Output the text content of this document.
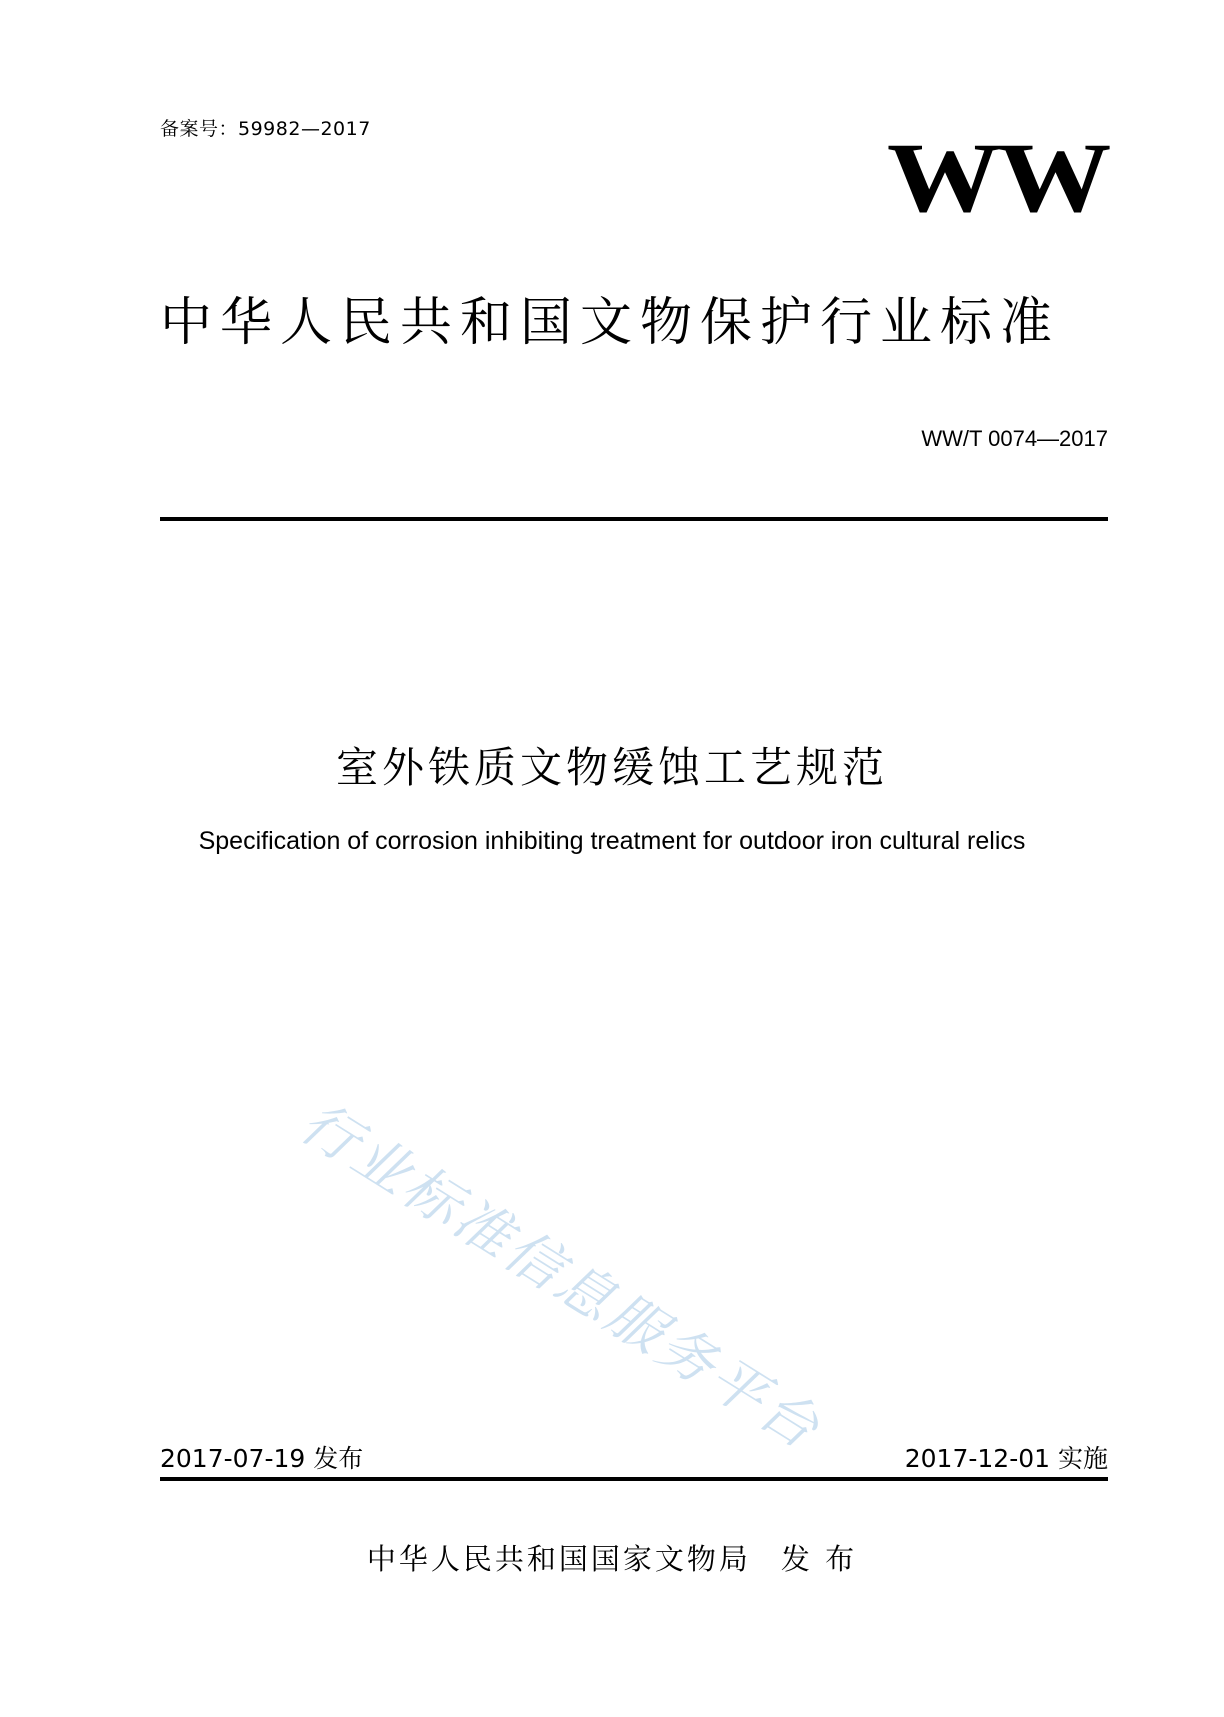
备案号：59982—2017	WW
中华人民共和国文物保护行业标准
WW/T 0074—2017
室外铁质文物缓蚀工艺规范
Specification of corrosion inhibiting treatment for outdoor iron cultural relics
行业标准信息服务平台
2017-07-19 发布	2017-12-01 实施
中华人民共和国国家文物局 发 布
